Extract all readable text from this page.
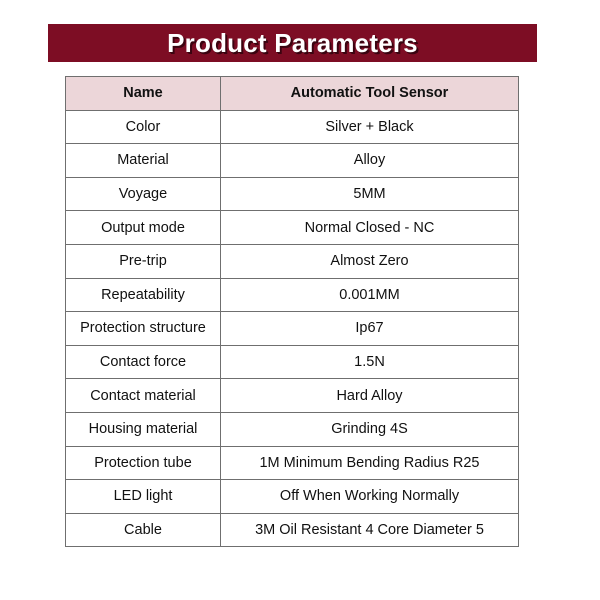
Product Parameters
Name	Automatic Tool Sensor
Color	Silver + Black
Material	Alloy
Voyage	5MM
Output mode	Normal Closed - NC
Pre-trip	Almost Zero
Repeatability	0.001MM
Protection structure	Ip67
Contact force	1.5N
Contact material	Hard Alloy
Housing material	Grinding 4S
Protection tube	1M Minimum Bending Radius R25
LED light	Off When Working Normally
Cable	3M Oil Resistant 4 Core Diameter 5
